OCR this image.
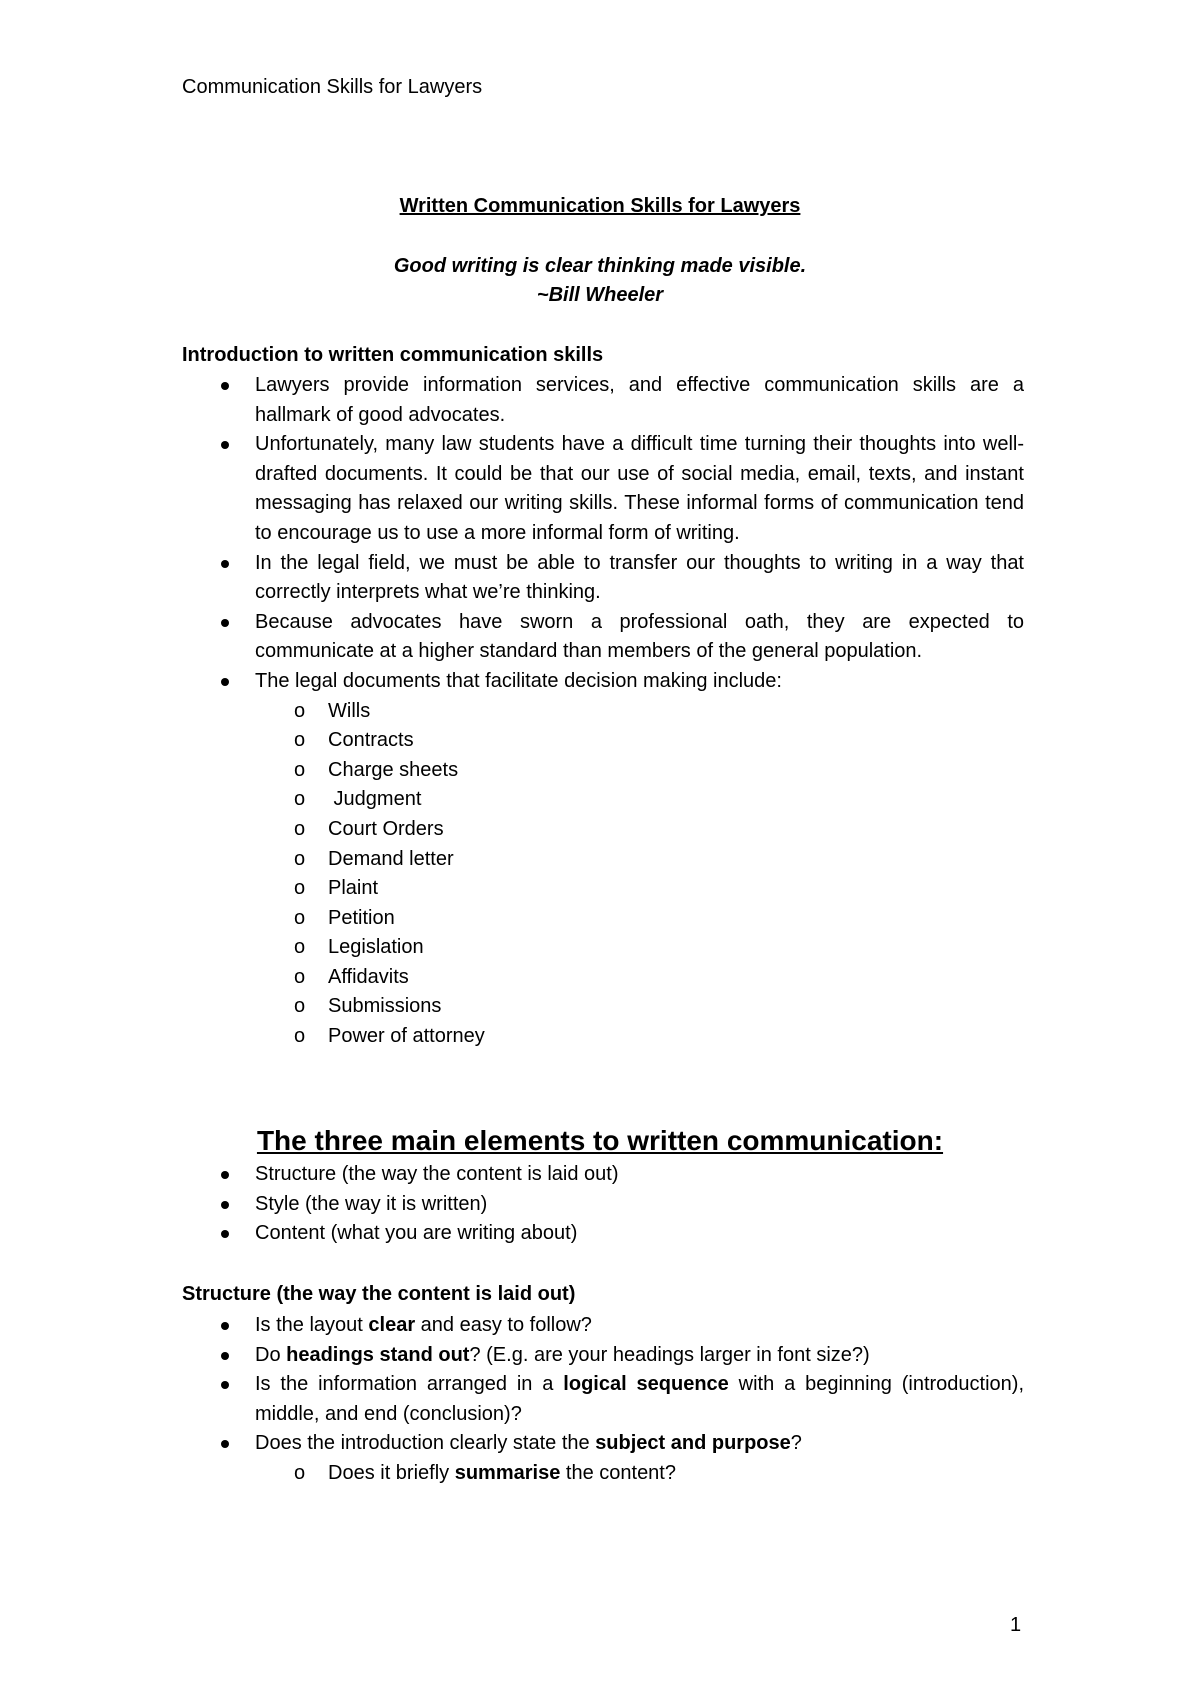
Communication Skills for Lawyers
Written Communication Skills for Lawyers
Good writing is clear thinking made visible.
~Bill Wheeler
Introduction to written communication skills
Lawyers provide information services, and effective communication skills are a hallmark of good advocates.
Unfortunately, many law students have a difficult time turning their thoughts into well-drafted documents. It could be that our use of social media, email, texts, and instant messaging has relaxed our writing skills. These informal forms of communication tend to encourage us to use a more informal form of writing.
In the legal field, we must be able to transfer our thoughts to writing in a way that correctly interprets what we’re thinking.
Because advocates have sworn a professional oath, they are expected to communicate at a higher standard than members of the general population.
The legal documents that facilitate decision making include:
o Wills
o Contracts
o Charge sheets
o Judgment
o Court Orders
o Demand letter
o Plaint
o Petition
o Legislation
o Affidavits
o Submissions
o Power of attorney
The three main elements to written communication:
Structure (the way the content is laid out)
Style (the way it is written)
Content (what you are writing about)
Structure (the way the content is laid out)
Is the layout clear and easy to follow?
Do headings stand out? (E.g. are your headings larger in font size?)
Is the information arranged in a logical sequence with a beginning (introduction), middle, and end (conclusion)?
Does the introduction clearly state the subject and purpose?
o Does it briefly summarise the content?
1
